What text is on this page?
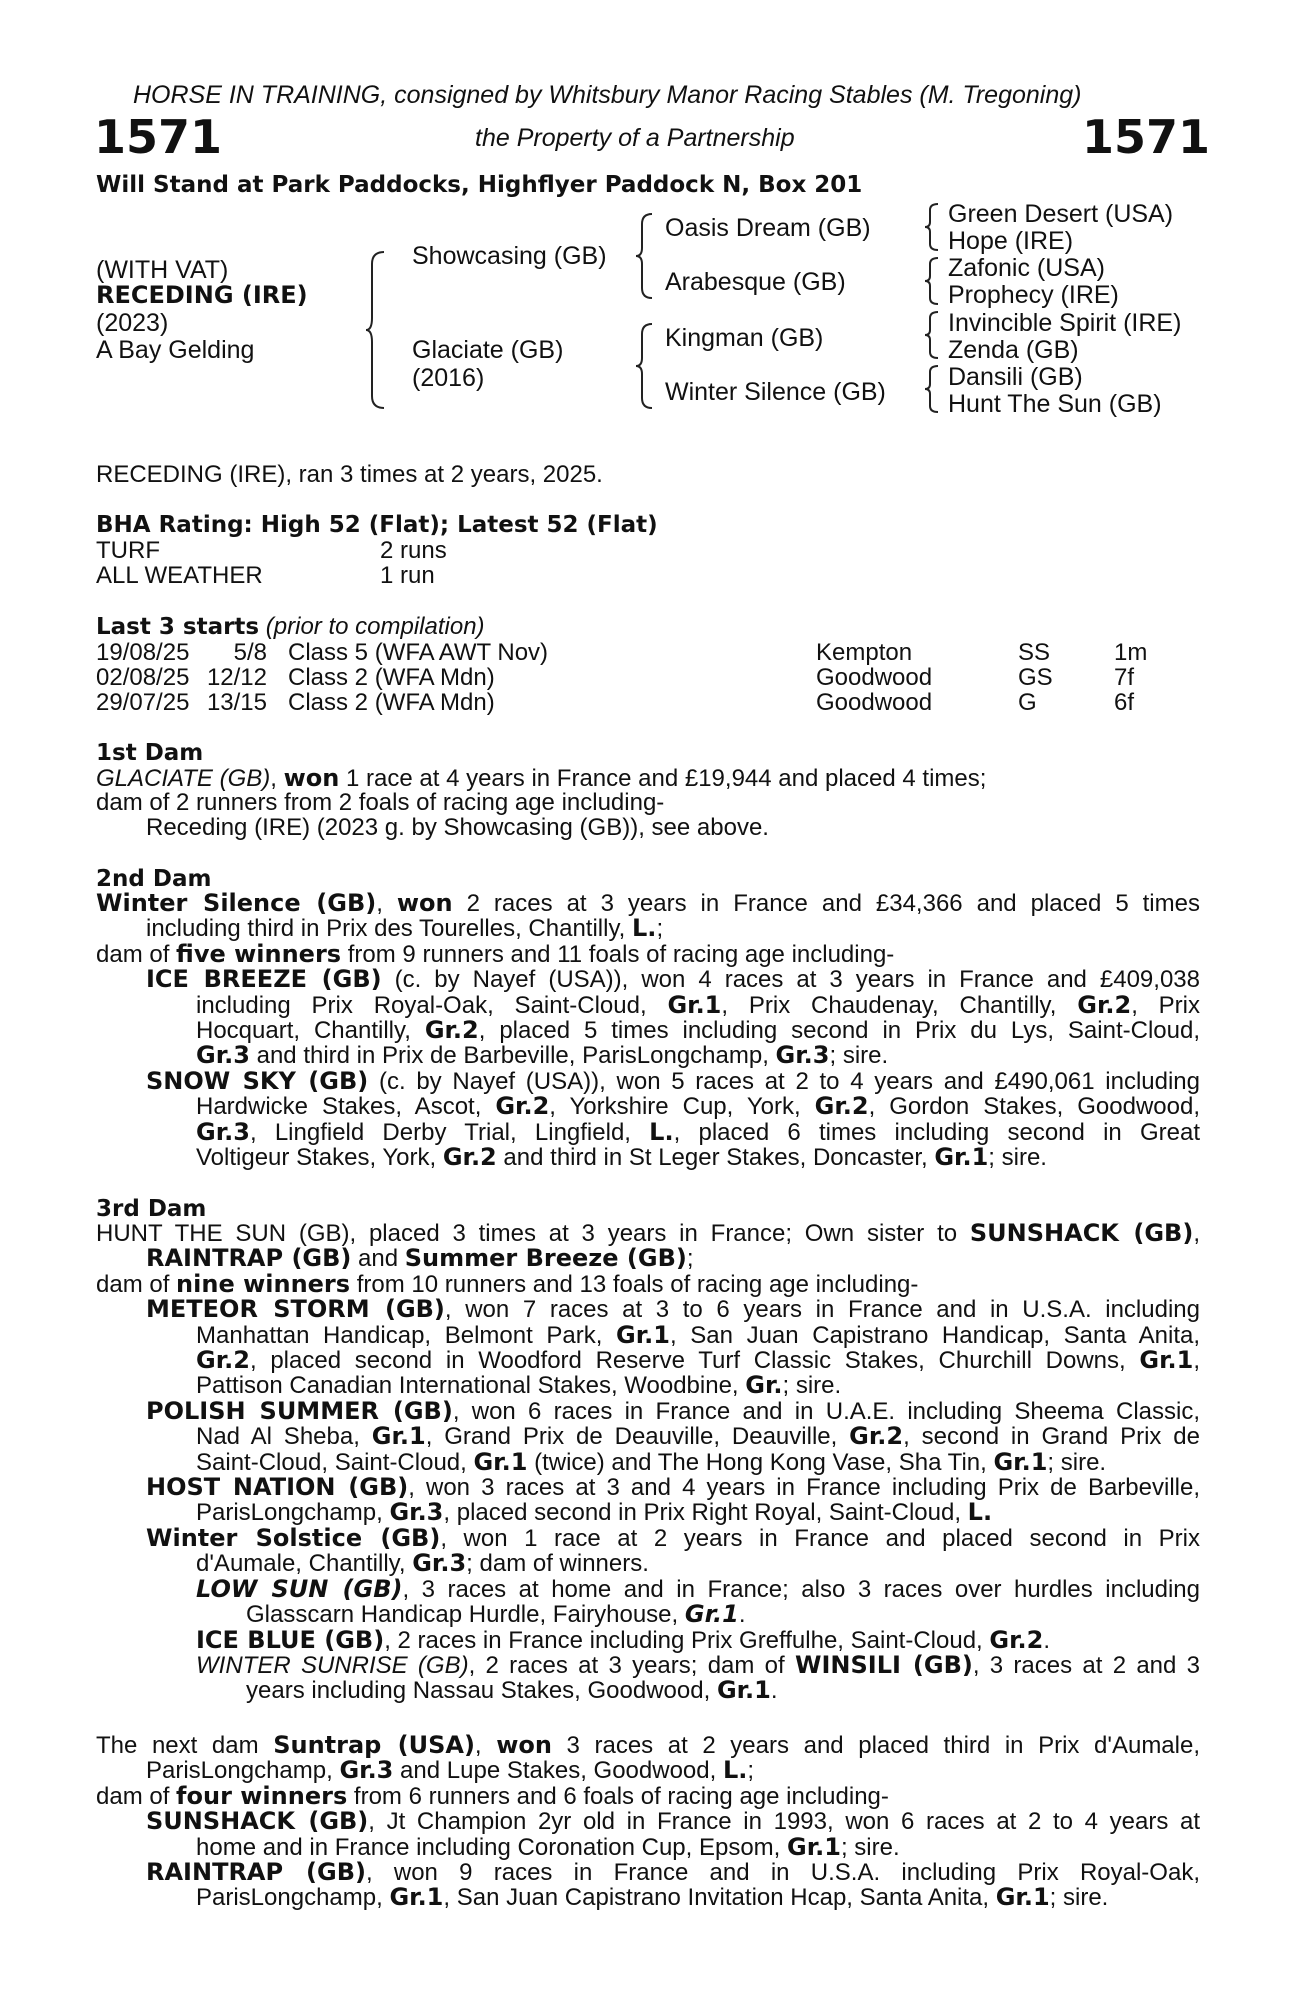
HORSE IN TRAINING, consigned by Whitsbury Manor Racing Stables (M. Tregoning)
1571	the Property of a Partnership	1571
Will Stand at Park Paddocks, Highflyer Paddock N, Box 201
(WITH VAT)
RECEDING (IRE)
(2023)
A Bay Gelding
Showcasing (GB)
Glaciate (GB)
(2016)
Oasis Dream (GB)
Arabesque (GB)
Kingman (GB)
Winter Silence (GB)
Green Desert (USA)
Hope (IRE)
Zafonic (USA)
Prophecy (IRE)
Invincible Spirit (IRE)
Zenda (GB)
Dansili (GB)
Hunt The Sun (GB)
RECEDING (IRE), ran 3 times at 2 years, 2025.
BHA Rating: High 52 (Flat); Latest 52 (Flat)
TURF	2 runs
ALL WEATHER	1 run
Last 3 starts (prior to compilation)
19/08/25	5/8 Class 5 (WFA AWT Nov)	Kempton	SS	1m
02/08/25 12/12 Class 2 (WFA Mdn)	Goodwood	GS	7f
29/07/25 13/15 Class 2 (WFA Mdn)	Goodwood	G	6f
1st Dam
GLACIATE (GB), won 1 race at 4 years in France and £19,944 and placed 4 times;
dam of 2 runners from 2 foals of racing age including-
Receding (IRE) (2023 g. by Showcasing (GB)), see above.
2nd Dam
Winter Silence (GB), won 2 races at 3 years in France and £34,366 and placed 5 times
including third in Prix des Tourelles, Chantilly, L.;
dam of five winners from 9 runners and 11 foals of racing age including-
ICE BREEZE (GB) (c. by Nayef (USA)), won 4 races at 3 years in France and £409,038
including Prix Royal-Oak, Saint-Cloud, Gr.1, Prix Chaudenay, Chantilly, Gr.2, Prix
Hocquart, Chantilly, Gr.2, placed 5 times including second in Prix du Lys, Saint-Cloud,
Gr.3 and third in Prix de Barbeville, ParisLongchamp, Gr.3; sire.
SNOW SKY (GB) (c. by Nayef (USA)), won 5 races at 2 to 4 years and £490,061 including
Hardwicke Stakes, Ascot, Gr.2, Yorkshire Cup, York, Gr.2, Gordon Stakes, Goodwood,
Gr.3, Lingfield Derby Trial, Lingfield, L., placed 6 times including second in Great
Voltigeur Stakes, York, Gr.2 and third in St Leger Stakes, Doncaster, Gr.1; sire.
3rd Dam
HUNT THE SUN (GB), placed 3 times at 3 years in France; Own sister to SUNSHACK (GB),
RAINTRAP (GB) and Summer Breeze (GB);
dam of nine winners from 10 runners and 13 foals of racing age including-
METEOR STORM (GB), won 7 races at 3 to 6 years in France and in U.S.A. including
Manhattan Handicap, Belmont Park, Gr.1, San Juan Capistrano Handicap, Santa Anita,
Gr.2, placed second in Woodford Reserve Turf Classic Stakes, Churchill Downs, Gr.1,
Pattison Canadian International Stakes, Woodbine, Gr.; sire.
POLISH SUMMER (GB), won 6 races in France and in U.A.E. including Sheema Classic,
Nad Al Sheba, Gr.1, Grand Prix de Deauville, Deauville, Gr.2, second in Grand Prix de
Saint-Cloud, Saint-Cloud, Gr.1 (twice) and The Hong Kong Vase, Sha Tin, Gr.1; sire.
HOST NATION (GB), won 3 races at 3 and 4 years in France including Prix de Barbeville,
ParisLongchamp, Gr.3, placed second in Prix Right Royal, Saint-Cloud, L.
Winter Solstice (GB), won 1 race at 2 years in France and placed second in Prix
d'Aumale, Chantilly, Gr.3; dam of winners.
LOW SUN (GB), 3 races at home and in France; also 3 races over hurdles including
Glasscarn Handicap Hurdle, Fairyhouse, Gr.1.
ICE BLUE (GB), 2 races in France including Prix Greffulhe, Saint-Cloud, Gr.2.
WINTER SUNRISE (GB), 2 races at 3 years; dam of WINSILI (GB), 3 races at 2 and 3
years including Nassau Stakes, Goodwood, Gr.1.
The next dam Suntrap (USA), won 3 races at 2 years and placed third in Prix d'Aumale,
ParisLongchamp, Gr.3 and Lupe Stakes, Goodwood, L.;
dam of four winners from 6 runners and 6 foals of racing age including-
SUNSHACK (GB), Jt Champion 2yr old in France in 1993, won 6 races at 2 to 4 years at
home and in France including Coronation Cup, Epsom, Gr.1; sire.
RAINTRAP (GB), won 9 races in France and in U.S.A. including Prix Royal-Oak,
ParisLongchamp, Gr.1, San Juan Capistrano Invitation Hcap, Santa Anita, Gr.1; sire.
